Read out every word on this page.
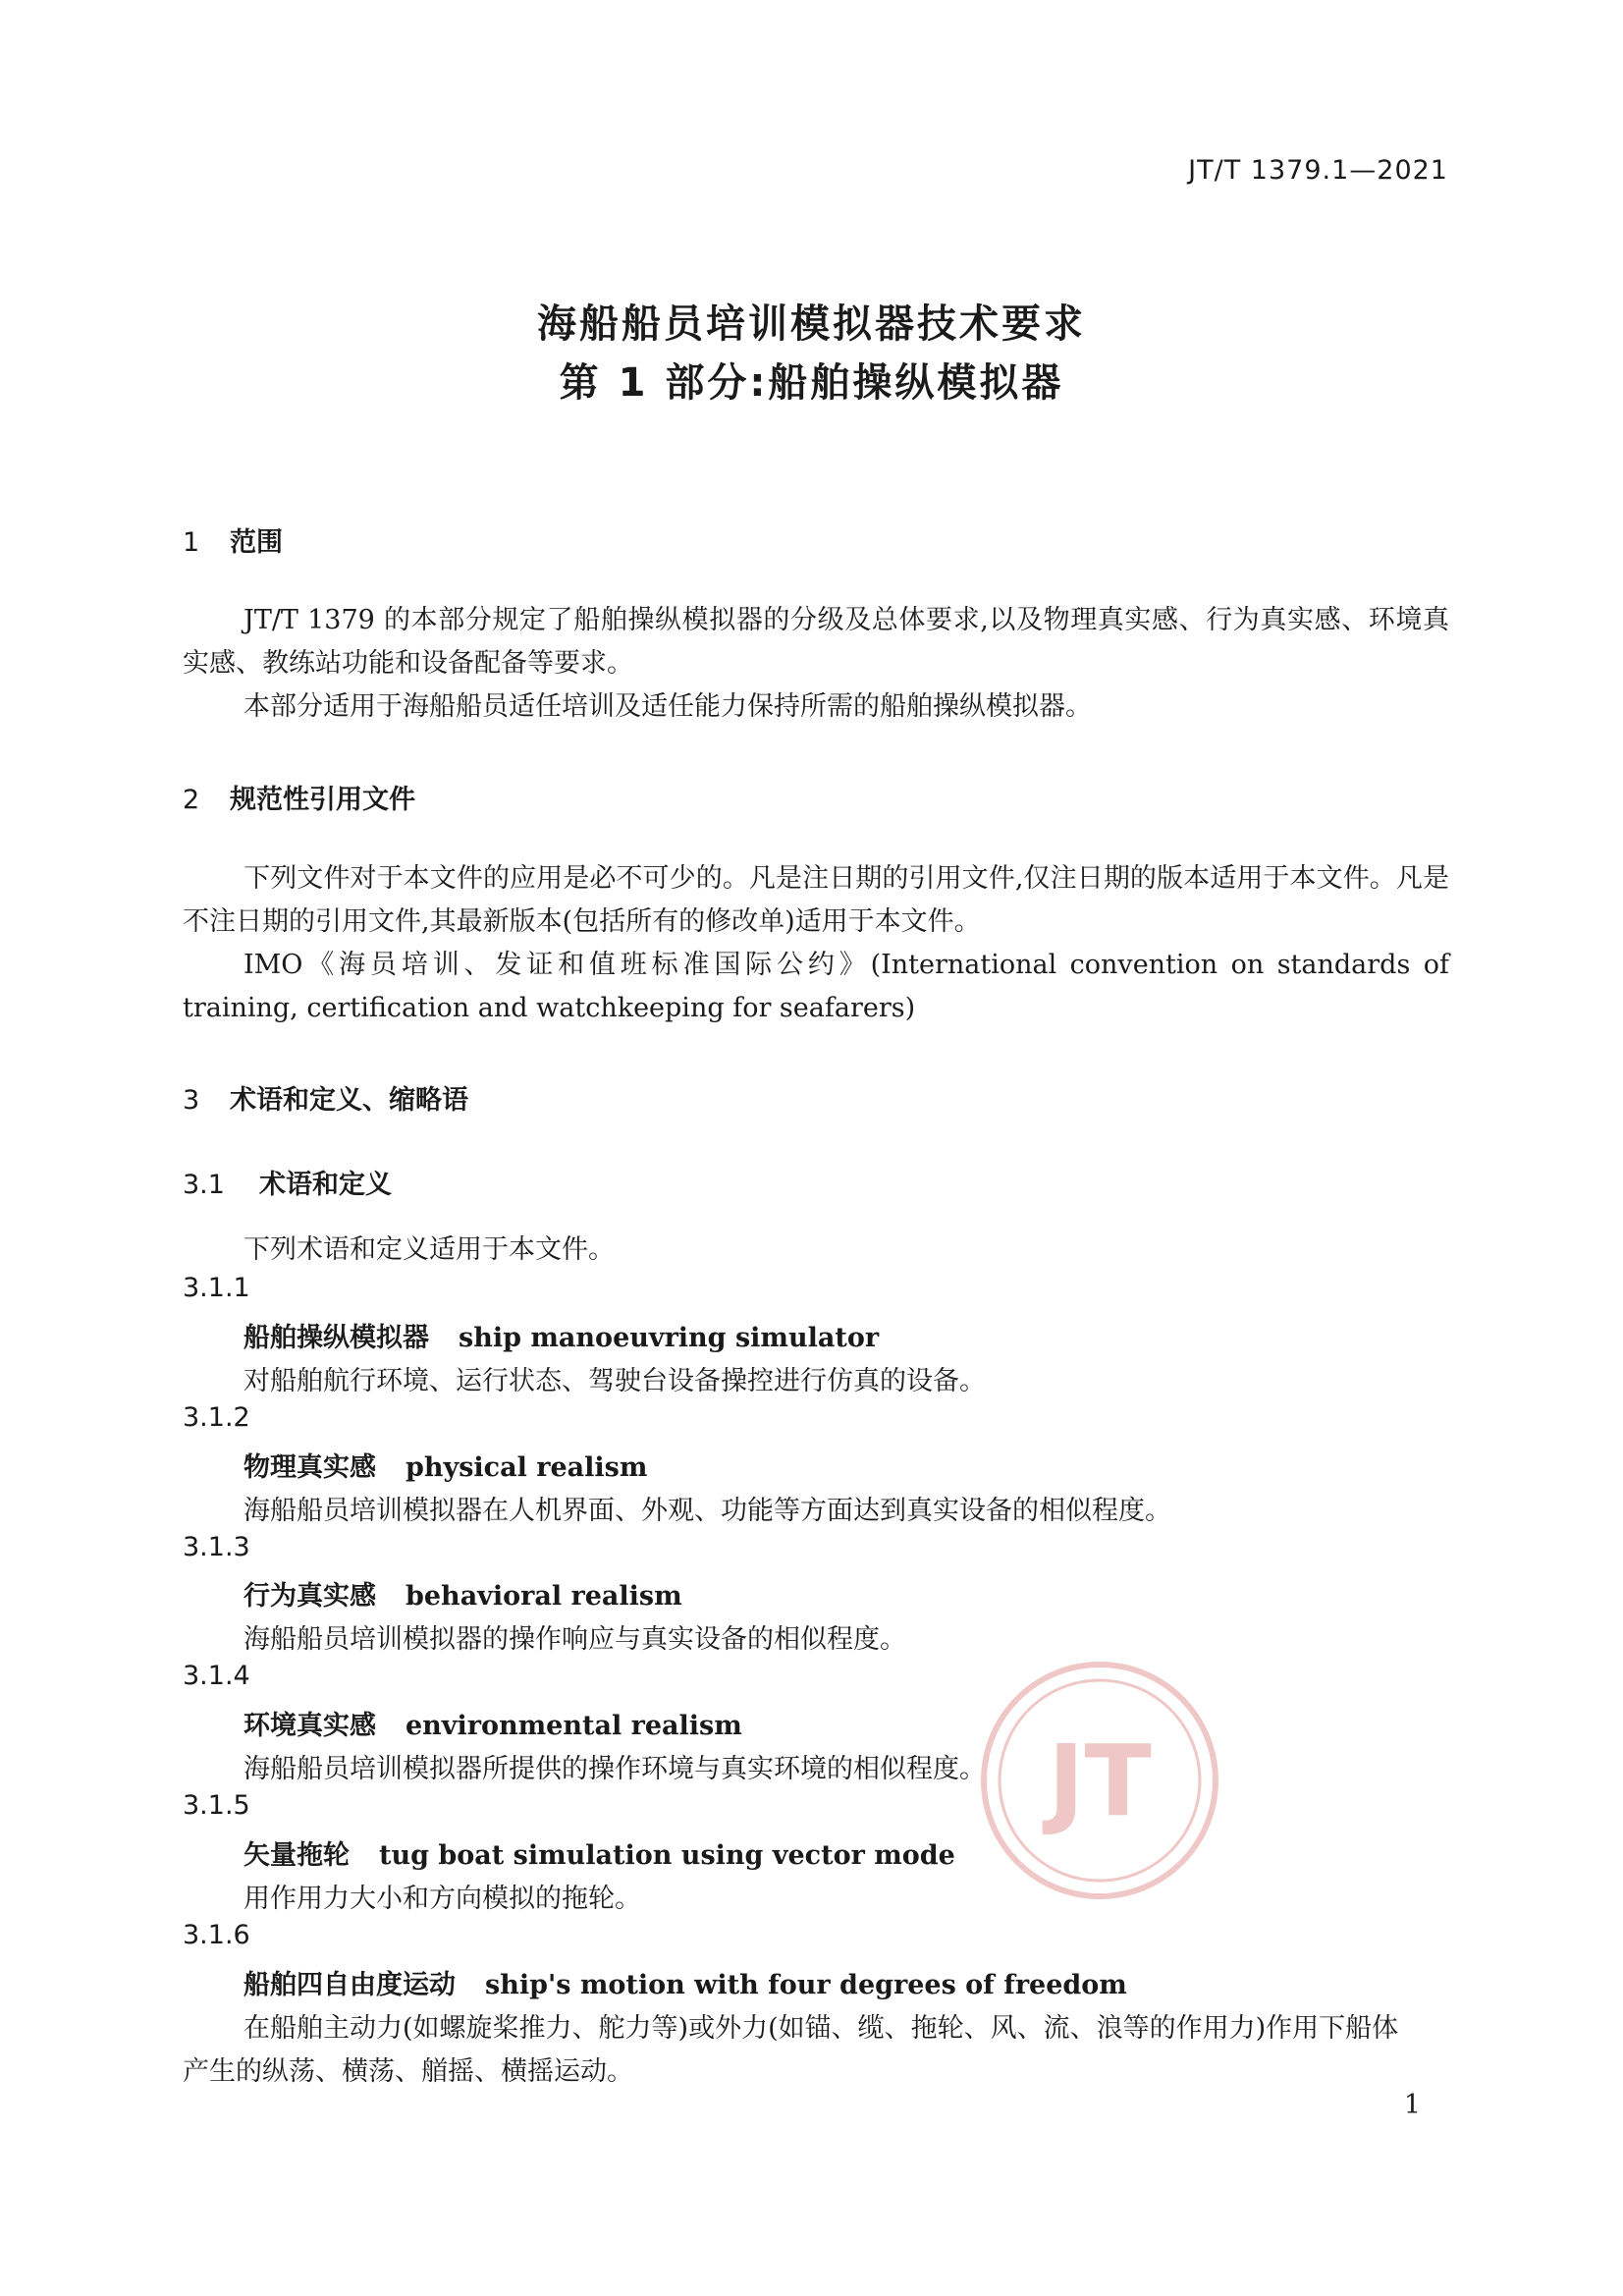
JT/T 1379.1—2021
海船船员培训模拟器技术要求
第 1 部分:船舶操纵模拟器
1 范围
JT/T 1379 的本部分规定了船舶操纵模拟器的分级及总体要求,以及物理真实感、行为真实感、环境真实感、教练站功能和设备配备等要求。
本部分适用于海船船员适任培训及适任能力保持所需的船舶操纵模拟器。
2 规范性引用文件
下列文件对于本文件的应用是必不可少的。凡是注日期的引用文件,仅注日期的版本适用于本文件。凡是不注日期的引用文件,其最新版本(包括所有的修改单)适用于本文件。
IMO《海员培训、发证和值班标准国际公约》(International convention on standards of training, certification and watchkeeping for seafarers)
3 术语和定义、缩略语
3.1 术语和定义
下列术语和定义适用于本文件。
3.1.1
船舶操纵模拟器 ship manoeuvring simulator
对船舶航行环境、运行状态、驾驶台设备操控进行仿真的设备。
3.1.2
物理真实感 physical realism
海船船员培训模拟器在人机界面、外观、功能等方面达到真实设备的相似程度。
3.1.3
行为真实感 behavioral realism
海船船员培训模拟器的操作响应与真实设备的相似程度。
3.1.4
环境真实感 environmental realism
海船船员培训模拟器所提供的操作环境与真实环境的相似程度。
3.1.5
矢量拖轮 tug boat simulation using vector mode
用作用力大小和方向模拟的拖轮。
3.1.6
船舶四自由度运动 ship's motion with four degrees of freedom
在船舶主动力(如螺旋桨推力、舵力等)或外力(如锚、缆、拖轮、风、流、浪等的作用力)作用下船体
产生的纵荡、横荡、艏摇、横摇运动。
JT
1
